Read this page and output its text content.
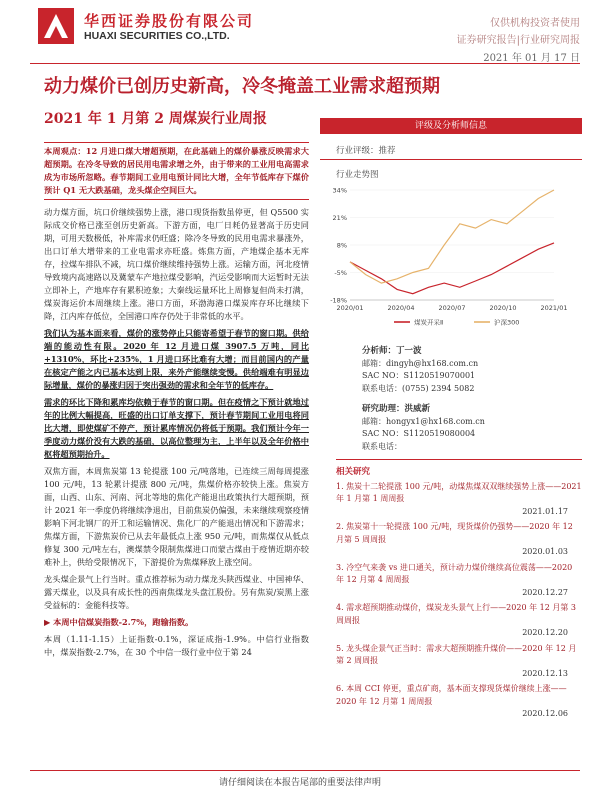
华西证券股份有限公司
HUAXI SECURITIES CO.,LTD.
仅供机构投资者使用
证券研究报告|行业研究周报
2021 年 01 月 17 日
动力煤价已创历史新高，冷冬掩盖工业需求超预期
2021 年 1 月第 2 周煤炭行业周报
本周观点：12 月进口煤大增超预期，在此基础上的煤价暴涨反映需求大超预期。在冷冬导致的居民用电需求增之外，由于带来的工业用电高需求成为市场所忽略。春节期间工业用电预计同比大增，全年节低库存下煤价预计 Q1 无大跌基础，龙头煤企空间巨大。
动力煤方面，坑口价继续强势上涨，港口现货指数虽停更，但 Q5500 实际成交价格已涨至创历史新高。下游方面，电厂日耗仍显著高于历史同期，可用天数极低，补库需求仍旺盛；除冷冬导致的民用电需求暴涨外，出口订单大增带来的工业电需求亦旺盛。炼焦方面，产地煤企基本无库存，拉煤车排队不减，坑口煤价继续维持强势上涨。运输方面，河北疫情导致境内高速路以及冀蒙车产地拉煤受影响，汽运受影响而大运暂时无法立即补上，产地库存有累积迹象；大秦线运量环比上周修复但尚未打满，煤炭海运价本周继续上涨。港口方面，环渤海港口煤炭库存环比继续下降，江内库存低位，全国港口库存仍处于非常低的水平。
我们认为基本面来看，煤价的涨势停止只能寄希望于春节的窗口期。供给端的能动性有限。2020 年 12 月进口煤 3907.5 万吨，同比 +1310%，环比+235%，1 月进口环比难有大增；而目前国内的产量在核定产能之内已基本达到上限，来外产能继续变慢。供给端难有明显边际增量，煤价的暴涨归因于突出强劲的需求和全年节的低库存。
需求的环比下降和累库均依赖于春节的窗口期。但在疫情之下预计就地过年的比例大幅提高，旺盛的出口订单支撑下，预计春节期间工业用电将同比大增，即使煤矿不停产，预计累库情况仍将低于预期。我们预计今年一季度动力煤价没有大跌的基础，以高位整理为主，上半年以及全年价格中枢将超预期抬升。
双焦方面，本周焦炭第 13 轮提涨 100 元/吨落地，已连续三周每周提涨 100 元/吨，13 轮累计提涨 800 元/吨，焦煤价格亦较快上涨。焦炭方面，山西、山东、河南、河北等地的焦化产能退出政策执行大超预期，预计 2021 年一季度仍将继续净退出，目前焦炭仍偏强，未来继续观察疫情影响下河北钢厂的开工和运输情况、焦化厂的产能退出情况和下游需求；焦煤方面，下游焦炭价已从去年最低点上涨 950 元/吨，而焦煤仅从低点修复 300 元/吨左右，澳煤禁令限制焦煤进口而蒙古煤由于疫情近期亦较难补上，供给受限情况下，下游提价为焦煤释放上涨空间。
龙头煤企景气上行当时。重点推荐标为动力煤龙头陕西煤业、中国神华、露天煤业，以及具有成长性的西南焦煤龙头盘江股份。另有焦炭/炭黑上涨受益标的：金能科技等。
▶ 本周中信煤炭指数-2.7%，跑输指数。
本周（1.11-1.15）上证指数-0.1%，深证成指-1.9%。中信行业指数中，煤炭指数-2.7%，在 30 个中信一级行业中位于第 24
评级及分析师信息
行业评级：推荐
行业走势图
-18%
-5%
8%
21%
34%
2020/01	2020/04	2020/07	2020/10	2021/01
煤炭开采Ⅱ	沪深300
分析师：丁一波
邮箱：dingyh@hx168.com.cn
SAC NO：S1120519070001
联系电话：(0755) 2394 5082
研究助理：洪威新
邮箱：hongyx1@hx168.com.cn
SAC NO：S1120519080004
联系电话：
相关研究
1. 焦炭十二轮提涨 100 元/吨，动煤焦煤双双继续强势上涨——2021 年 1 月第 1 周周报
2021.01.17
2. 焦炭第十一轮提涨 100 元/吨，现货煤价仍强势——2020 年 12 月第 5 周周报
2020.01.03
3. 冷空气来袭 vs 进口通关，预计动力煤价继续高位震荡——2020 年 12 月第 4 周周报
2020.12.27
4. 需求超预期推动煤价，煤炭龙头景气上行——2020 年 12 月第 3 周周报
2020.12.20
5. 龙头煤企景气正当时：需求大超预期推升煤价——2020 年 12 月第 2 周周报
2020.12.13
6. 本周 CCI 停更，重点矿商，基本面支撑现货煤价继续上涨——2020 年 12 月第 1 周周报
2020.12.06
请仔细阅读在本报告尾部的重要法律声明
